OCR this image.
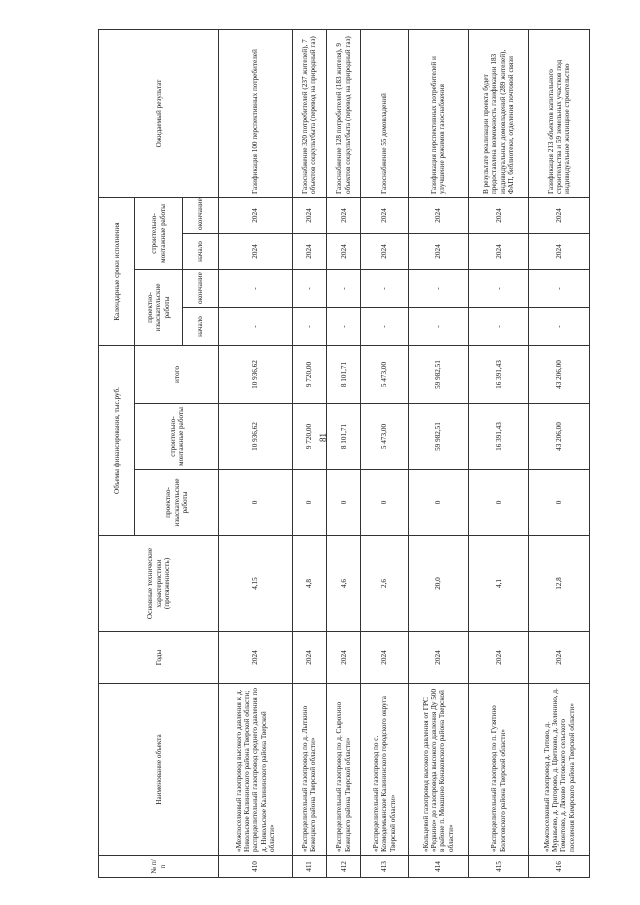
81
№ п/п	Наименование объекта	Годы	Основные технические характеристики (протяженность)	Объемы финансирования, тыс.руб.			Календарные сроки исполнения				Ожидаемый результат
				проектно-изыскательские работы	строительно-монтажные работы	итого	проектно-изыскательские работы		строительно-монтажные работы		
							начало	окончание	начало	окончание	
410	«Межпоселковый газопровод высокого давления к д. Никольское Калининского района Тверской области; распределительный газопровод среднего давления по д. Никольское Калининского района Тверской области»	2024	4,15	0	10 936,62	10 936,62	-	-	2024	2024	Газификация 100 перспективных потребителей
411	«Распределительный газопровод по д. Лыткино Бежецкого района Тверской области»	2024	4,8	0	9 720,00	9 720,00	-	-	2024	2024	Газоснабжение 320 потребителей (237 жителей), 7 объектов соцкультбыта (перевод на природный газ)
412	«Распределительный газопровод по д. Сырохино Бежецкого района Тверской области»	2024	4,6	0	8 101,71	8 101,71	-	-	2024	2024	Газоснабжение 128 потребителей (183 жителя), 9 объектов соцкультбыта (перевод на природный газ)
413	«Распределительный газопровод по с. Козмодемьянское Калининского городского округа Тверской области»	2024	2,6	0	5 473,00	5 473,00	-	-	2024	2024	Газоснабжение 55 домовладений
414	«Кольцевой газопровод высокого давления от ГРС «Редкино» до газопровода высокого давления Ду 500 в районе п. Мокшино Конаковского района Тверской области»	2024	20,0	0	59 982,51	59 982,51	-	-	2024	2024	Газификация перспективных потребителей и улучшение режимов газоснабжения
415	«Распределительный газопровод по п. Гузятино Бологовского района Тверской области»	2024	4,1	0	16 391,43	16 391,43	-	-	2024	2024	В результате реализации проекта будет предоставлена возможность газификации 183 индивидуальных домовладений (289 жителей), ФАП, библиотеки, отделения почтовой связи
416	«Межпоселковый газопровод д. Титово, д. Муравьево, д. Григорово, д. Цветково, д. Зеленино, д. Гомонтово, д. Ляхово Титовского сельского поселения Кимрского района Тверской области»	2024	12,8	0	43 206,00	43 206,00	-	-	2024	2024	Газификация 213 объектов капитального строительства и 59 земельных участков под индивидуальное жилищное строительство
